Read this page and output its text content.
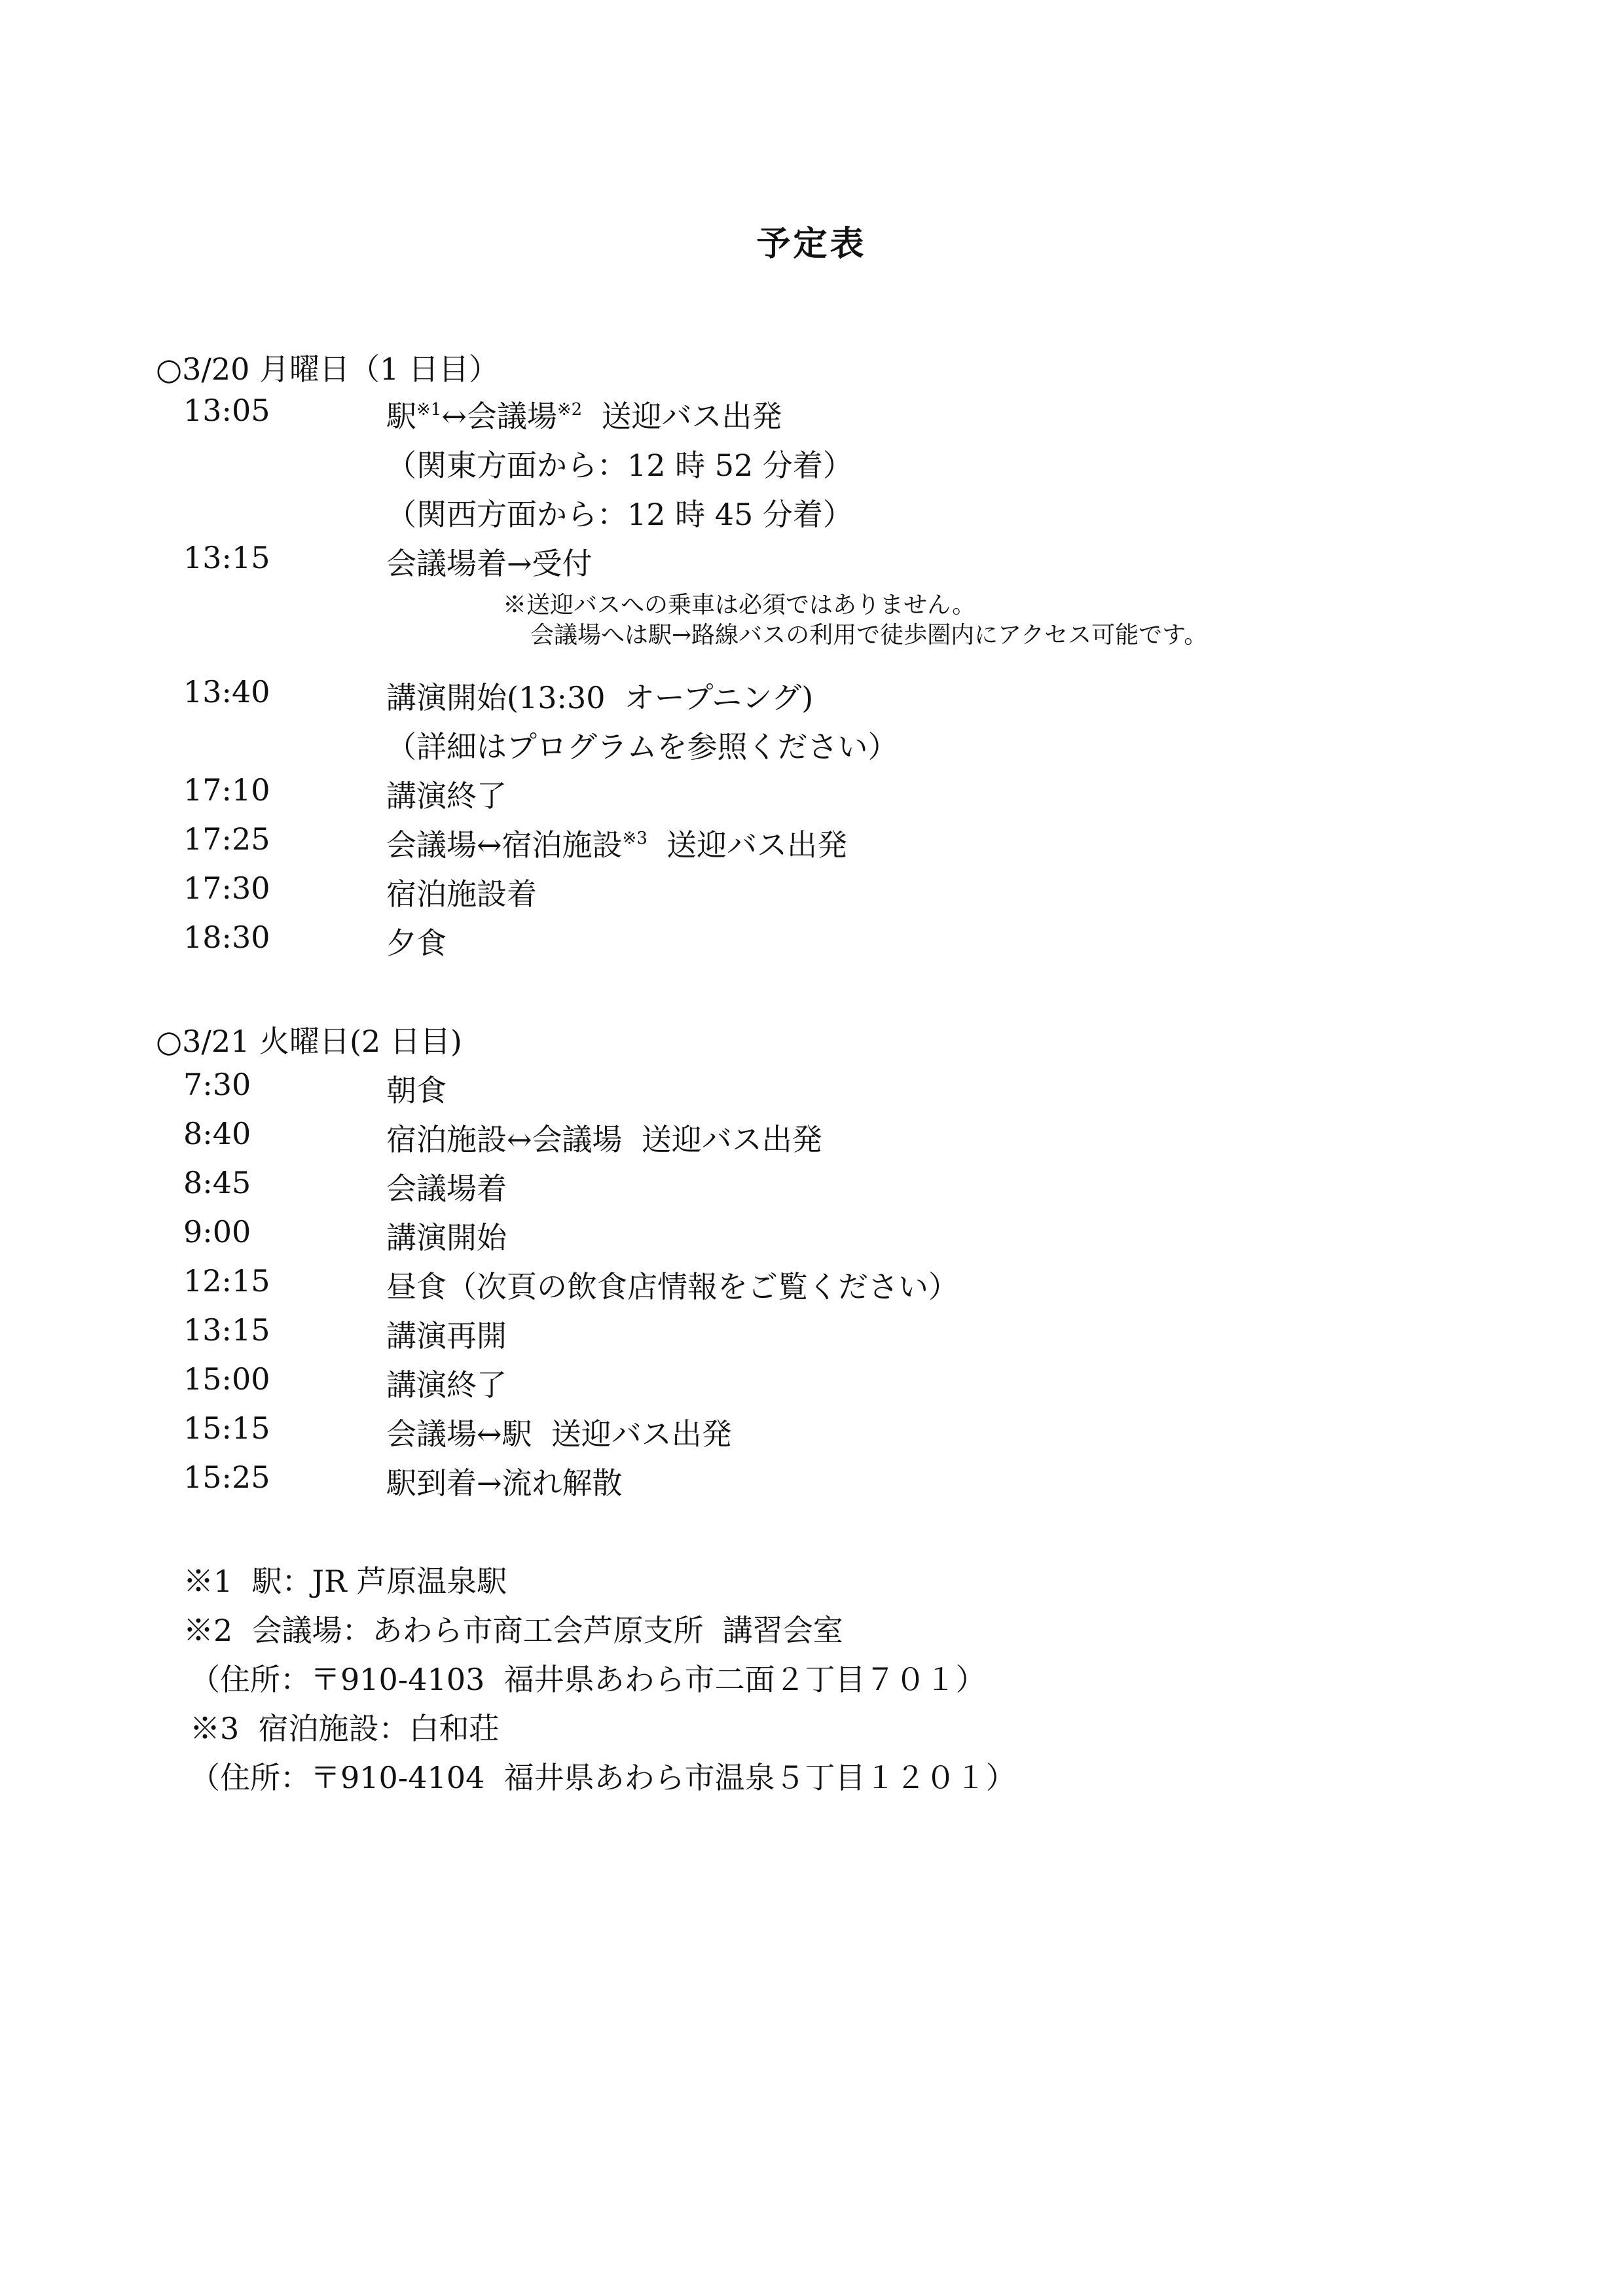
予定表
○3/20 月曜日（1 日目）
13:05	駅$^{※1}$↔会議場$^{※2}$  送迎バス出発
（関東方面から：12 時 52 分着）
（関西方面から：12 時 45 分着）
13:15	会議場着→受付
※送迎バスへの乗車は必須ではありません。
会議場へは駅→路線バスの利用で徒歩圏内にアクセス可能です。
13:40	講演開始(13:30  オープニング)
（詳細はプログラムを参照ください）
17:10	講演終了
17:25	会議場↔宿泊施設$^{※3}$  送迎バス出発
17:30	宿泊施設着
18:30	夕食
○3/21 火曜日(2 日目)
7:30	朝食
8:40	宿泊施設↔会議場  送迎バス出発
8:45	会議場着
9:00	講演開始
12:15	昼食（次頁の飲食店情報をご覧ください）
13:15	講演再開
15:00	講演終了
15:15	会議場↔駅  送迎バス出発
15:25	駅到着→流れ解散
※1  駅：JR 芦原温泉駅
※2  会議場：あわら市商工会芦原支所  講習会室
（住所：〒910-4103  福井県あわら市二面２丁目７０１）
※3  宿泊施設：白和荘
（住所：〒910-4104  福井県あわら市温泉５丁目１２０１）
